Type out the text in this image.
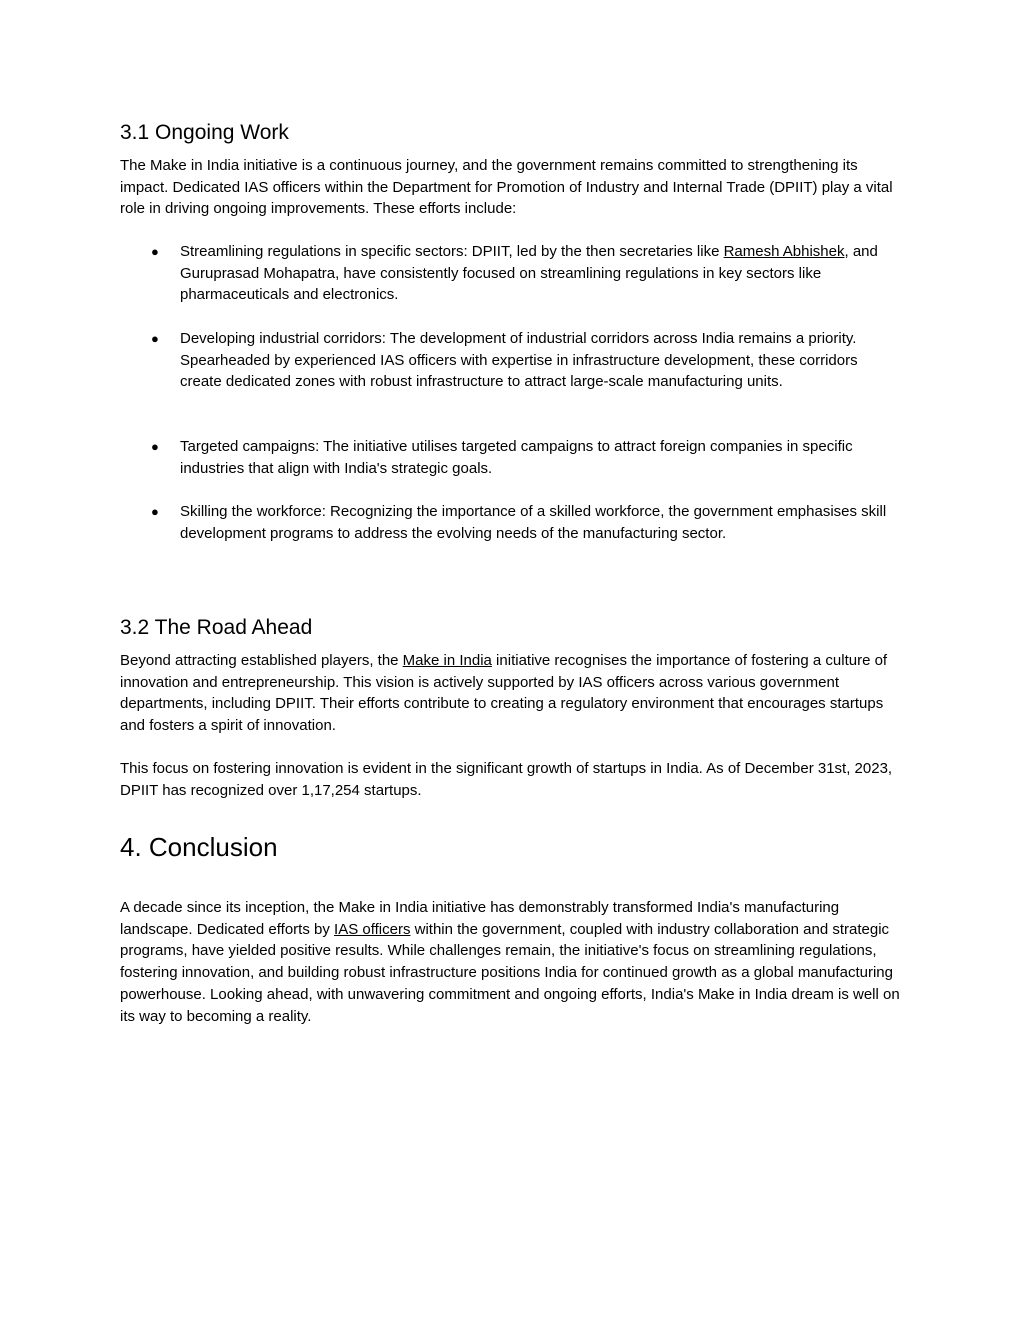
3.1 Ongoing Work

The Make in India initiative is a continuous journey, and the government remains committed to strengthening its impact. Dedicated IAS officers within the Department for Promotion of Industry and Internal Trade (DPIIT) play a vital role in driving ongoing improvements. These efforts include:

● Streamlining regulations in specific sectors: DPIIT, led by the then secretaries like Ramesh Abhishek, and Guruprasad Mohapatra, have consistently focused on streamlining regulations in key sectors like pharmaceuticals and electronics.

● Developing industrial corridors: The development of industrial corridors across India remains a priority. Spearheaded by experienced IAS officers with expertise in infrastructure development, these corridors create dedicated zones with robust infrastructure to attract large-scale manufacturing units.

● Targeted campaigns: The initiative utilises targeted campaigns to attract foreign companies in specific industries that align with India's strategic goals.

● Skilling the workforce: Recognizing the importance of a skilled workforce, the government emphasises skill development programs to address the evolving needs of the manufacturing sector.

3.2 The Road Ahead

Beyond attracting established players, the Make in India initiative recognises the importance of fostering a culture of innovation and entrepreneurship. This vision is actively supported by IAS officers across various government departments, including DPIIT. Their efforts contribute to creating a regulatory environment that encourages startups and fosters a spirit of innovation.

This focus on fostering innovation is evident in the significant growth of startups in India. As of December 31st, 2023, DPIIT has recognized over 1,17,254 startups.

4. Conclusion

A decade since its inception, the Make in India initiative has demonstrably transformed India's manufacturing landscape. Dedicated efforts by IAS officers within the government, coupled with industry collaboration and strategic programs, have yielded positive results. While challenges remain, the initiative's focus on streamlining regulations, fostering innovation, and building robust infrastructure positions India for continued growth as a global manufacturing powerhouse. Looking ahead, with unwavering commitment and ongoing efforts, India's Make in India dream is well on its way to becoming a reality.
